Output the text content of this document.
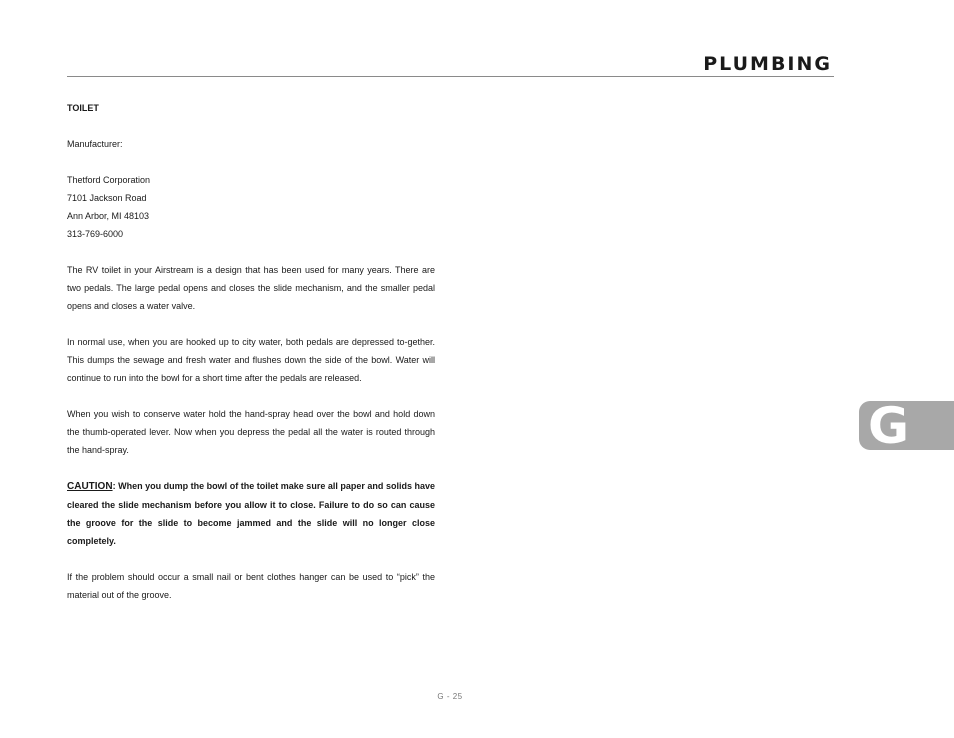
PLUMBING

TOILET

Manufacturer:

Thetford Corporation
7101 Jackson Road
Ann Arbor, MI 48103
313-769-6000

The RV toilet in your Airstream is a design that has been used for many years. There are two pedals. The large pedal opens and closes the slide mechanism, and the smaller pedal opens and closes a water valve.

In normal use, when you are hooked up to city water, both pedals are depressed to-gether. This dumps the sewage and fresh water and flushes down the side of the bowl. Water will continue to run into the bowl for a short time after the pedals are released.

When you wish to conserve water hold the hand-spray head over the bowl and hold down the thumb-operated lever. Now when you depress the pedal all the water is routed through the hand-spray.

CAUTION: When you dump the bowl of the toilet make sure all paper and solids have cleared the slide mechanism before you allow it to close. Failure to do so can cause the groove for the slide to become jammed and the slide will no longer close completely.

If the problem should occur a small nail or bent clothes hanger can be used to “pick” the material out of the groove.

G
G - 25
